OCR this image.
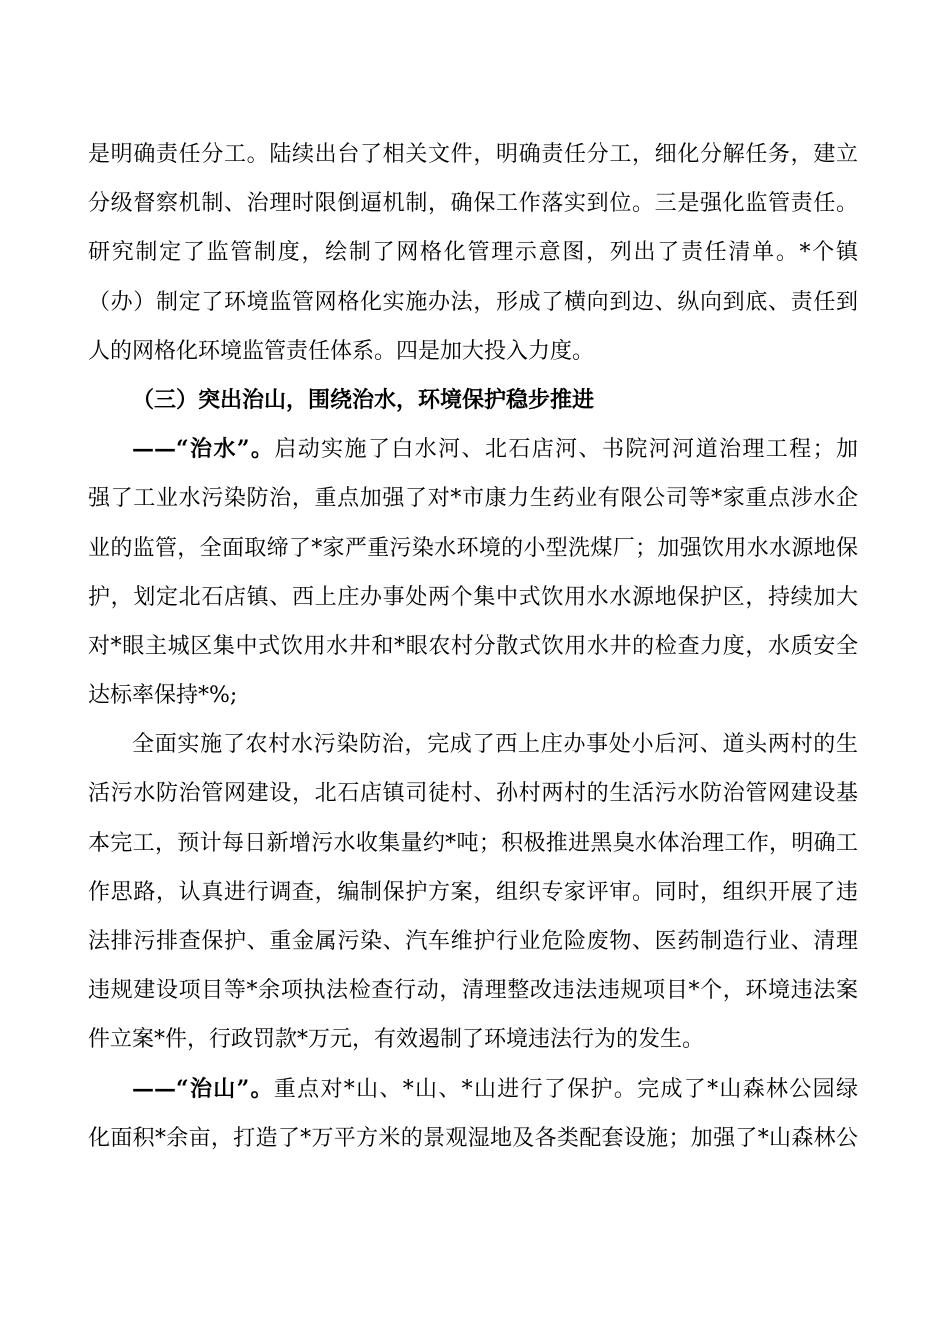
是明确责任分工。陆续出台了相关文件，明确责任分工，细化分解任务，建立
分级督察机制、治理时限倒逼机制，确保工作落实到位。三是强化监管责任。
研究制定了监管制度，绘制了网格化管理示意图，列出了责任清单。*个镇
（办）制定了环境监管网格化实施办法，形成了横向到边、纵向到底、责任到
人的网格化环境监管责任体系。四是加大投入力度。
（三）突出治山，围绕治水，环境保护稳步推进
——“治水”。启动实施了白水河、北石店河、书院河河道治理工程；加
强了工业水污染防治，重点加强了对*市康力生药业有限公司等*家重点涉水企
业的监管，全面取缔了*家严重污染水环境的小型洗煤厂；加强饮用水水源地保
护，划定北石店镇、西上庄办事处两个集中式饮用水水源地保护区，持续加大
对*眼主城区集中式饮用水井和*眼农村分散式饮用水井的检查力度，水质安全
达标率保持*%;
全面实施了农村水污染防治，完成了西上庄办事处小后河、道头两村的生
活污水防治管网建设，北石店镇司徒村、孙村两村的生活污水防治管网建设基
本完工，预计每日新增污水收集量约*吨；积极推进黑臭水体治理工作，明确工
作思路，认真进行调查，编制保护方案，组织专家评审。同时，组织开展了违
法排污排查保护、重金属污染、汽车维护行业危险废物、医药制造行业、清理
违规建设项目等*余项执法检查行动，清理整改违法违规项目*个，环境违法案
件立案*件，行政罚款*万元，有效遏制了环境违法行为的发生。
——“治山”。重点对*山、*山、*山进行了保护。完成了*山森林公园绿
化面积*余亩，打造了*万平方米的景观湿地及各类配套设施；加强了*山森林公
